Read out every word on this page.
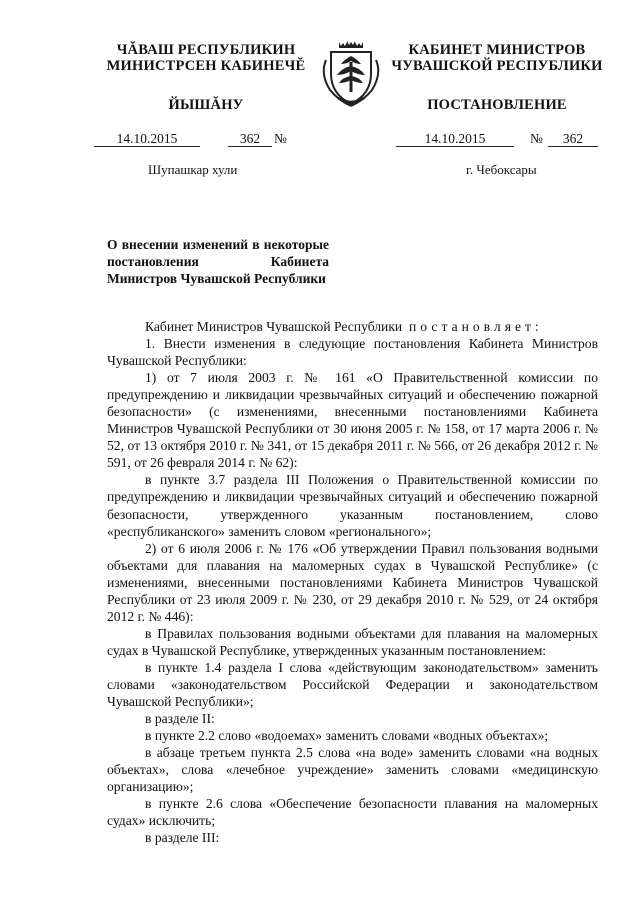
ЧĂВАШ РЕСПУБЛИКИН
МИНИСТРСЕН КАБИНЕЧĔ
ЙЫШĂНУ
КАБИНЕТ МИНИСТРОВ
ЧУВАШСКОЙ РЕСПУБЛИКИ
ПОСТАНОВЛЕНИЕ
14.10.2015	362	№	14.10.2015	№	362
Шупашкар хули	г. Чебоксары
О внесении изменений в некоторые постановления Кабинета Министров Чувашской Республики

Кабинет Министров Чувашской Республики постановляет:

1. Внести изменения в следующие постановления Кабинета Министров Чувашской Республики:

1) от 7 июля 2003 г. № 161 «О Правительственной комиссии по предупреждению и ликвидации чрезвычайных ситуаций и обеспечению пожарной безопасности» (с изменениями, внесенными постановлениями Кабинета Министров Чувашской Республики от 30 июня 2005 г. № 158, от 17 марта 2006 г. № 52, от 13 октября 2010 г. № 341, от 15 декабря 2011 г. № 566, от 26 декабря 2012 г. № 591, от 26 февраля 2014 г. № 62):

в пункте 3.7 раздела III Положения о Правительственной комиссии по предупреждению и ликвидации чрезвычайных ситуаций и обеспечению пожарной безопасности, утвержденного указанным постановлением, слово «республиканского» заменить словом «регионального»;

2) от 6 июля 2006 г. № 176 «Об утверждении Правил пользования водными объектами для плавания на маломерных судах в Чувашской Республике» (с изменениями, внесенными постановлениями Кабинета Министров Чувашской Республики от 23 июля 2009 г. № 230, от 29 декабря 2010 г. № 529, от 24 октября 2012 г. № 446):

в Правилах пользования водными объектами для плавания на маломерных судах в Чувашской Республике, утвержденных указанным постановлением:

в пункте 1.4 раздела I слова «действующим законодательством» заменить словами «законодательством Российской Федерации и законодательством Чувашской Республики»;

в разделе II:

в пункте 2.2 слово «водоемах» заменить словами «водных объектах»;

в абзаце третьем пункта 2.5 слова «на воде» заменить словами «на водных объектах», слова «лечебное учреждение» заменить словами «медицинскую организацию»;

в пункте 2.6 слова «Обеспечение безопасности плавания на маломерных судах» исключить;

в разделе III:
